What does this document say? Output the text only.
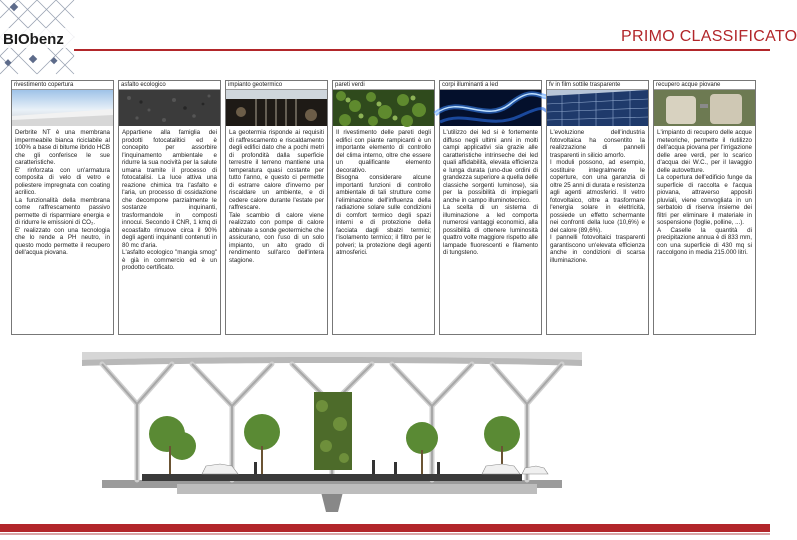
BIObenz	PRIMO CLASSIFICATO
rivestimento copertura
Derbrite NT è una membrana impermeabile bianca riciclabile al 100% a base di bitume ibrido HCB che gli conferisce le sue caratteristiche.
E' rinforzata con un'armatura composita di velo di vetro e poliestere impregnata con coating acrilico.
La funzionalità della membrana come raffrescamento passivo permette di risparmiare energia e di ridurre le emissioni di CO₂.
E' realizzato con una tecnologia che lo rende a PH neutro, in questo modo permette il recupero dell'acqua piovana.
asfalto ecologico
Appartiene alla famiglia dei prodotti fotocatalitici ed è concepito per assorbire l'inquinamento ambientale e ridurre la sua nocività per la salute umana tramite il processo di fotocatalisi. La luce attiva una reazione chimica tra l'asfalto e l'aria, un processo di ossidazione che decompone parzialmente le sostanze inquinanti, trasformandole in composti innocui. Secondo il CNR, 1 kmq di ecoasfalto rimuove circa il 90% degli agenti inquinanti contenuti in 80 mc d'aria.
L'asfalto ecologico "mangia smog" è già in commercio ed è un prodotto certificato.
impianto geotermico
La geotermia risponde ai requisiti di raffrescamento e riscaldamento degli edifici dato che a pochi metri di profondità dalla superficie terrestre il terreno mantiene una temperatura quasi costante per tutto l'anno, e questo ci permette di estrarre calore d'inverno per riscaldare un ambiente, e di cedere calore durante l'estate per raffrescare.
Tale scambio di calore viene realizzato con pompe di calore abbinate a sonde geotermiche che assicurano, con l'uso di un solo impianto, un alto grado di rendimento sull'arco dell'intera stagione.
pareti verdi
Il rivestimento delle pareti degli edifici con piante rampicanti è un importante elemento di controllo del clima interno, oltre che essere un qualificante elemento decorativo.
Bisogna considerare alcune importanti funzioni di controllo ambientale di tali strutture come l'eliminazione dell'influenza della radiazione solare sulle condizioni di comfort termico degli spazi interni e di protezione della facciata dagli sbalzi termici; l'isolamento termico; il filtro per le polveri; la protezione degli agenti atmosferici.
corpi illuminanti a led
L'utilizzo dei led si è fortemente diffuso negli ultimi anni in molti campi applicativi sia grazie alle caratteristiche intrinseche dei led quali affidabilità, elevata efficienza e lunga durata (uno-due ordini di grandezza superiore a quella delle classiche sorgenti luminose), sia per la possibilità di impiegarli anche in campo illuminotecnico.
La scelta di un sistema di illuminazione a led comporta numerosi vantaggi economici, alla possibilità di ottenere luminosità quattro volte maggiore rispetto alle lampade fluorescenti e filamento di tungsteno.
fv in film sottile trasparente
L'evoluzione dell'industria fotovoltaica ha consentito la realizzazione di pannelli trasparenti in silicio amorfo.
I moduli possono, ad esempio, sostituire integralmente le coperture, con una garanzia di oltre 25 anni di durata e resistenza agli agenti atmosferici. Il vetro fotovoltaico, oltre a trasformare l'energia solare in elettricità, possiede un effetto schermante nei confronti della luce (10,6%) e del calore (89,6%).
I pannelli fotovoltaici trasparenti garantiscono un'elevata efficienza anche in condizioni di scarsa illuminazione.
recupero acque piovane
L'impianto di recupero delle acque meteoriche, permette il riutilizzo dell'acqua piovana per l'irrigazione delle aree verdi, per lo scarico d'acqua dei W.C., per il lavaggio delle autovetture.
La copertura dell'edificio funge da superficie di raccolta e l'acqua piovana, attraverso appositi pluviali, viene convogliata in un serbatoio di riserva insieme dei filtri per eliminare il materiale in sospensione (foglie, polline, ...).
A Caselle la quantità di precipitazione annua è di 833 mm, con una superficie di 430 mq si raccolgono in media 215.000 litri.
